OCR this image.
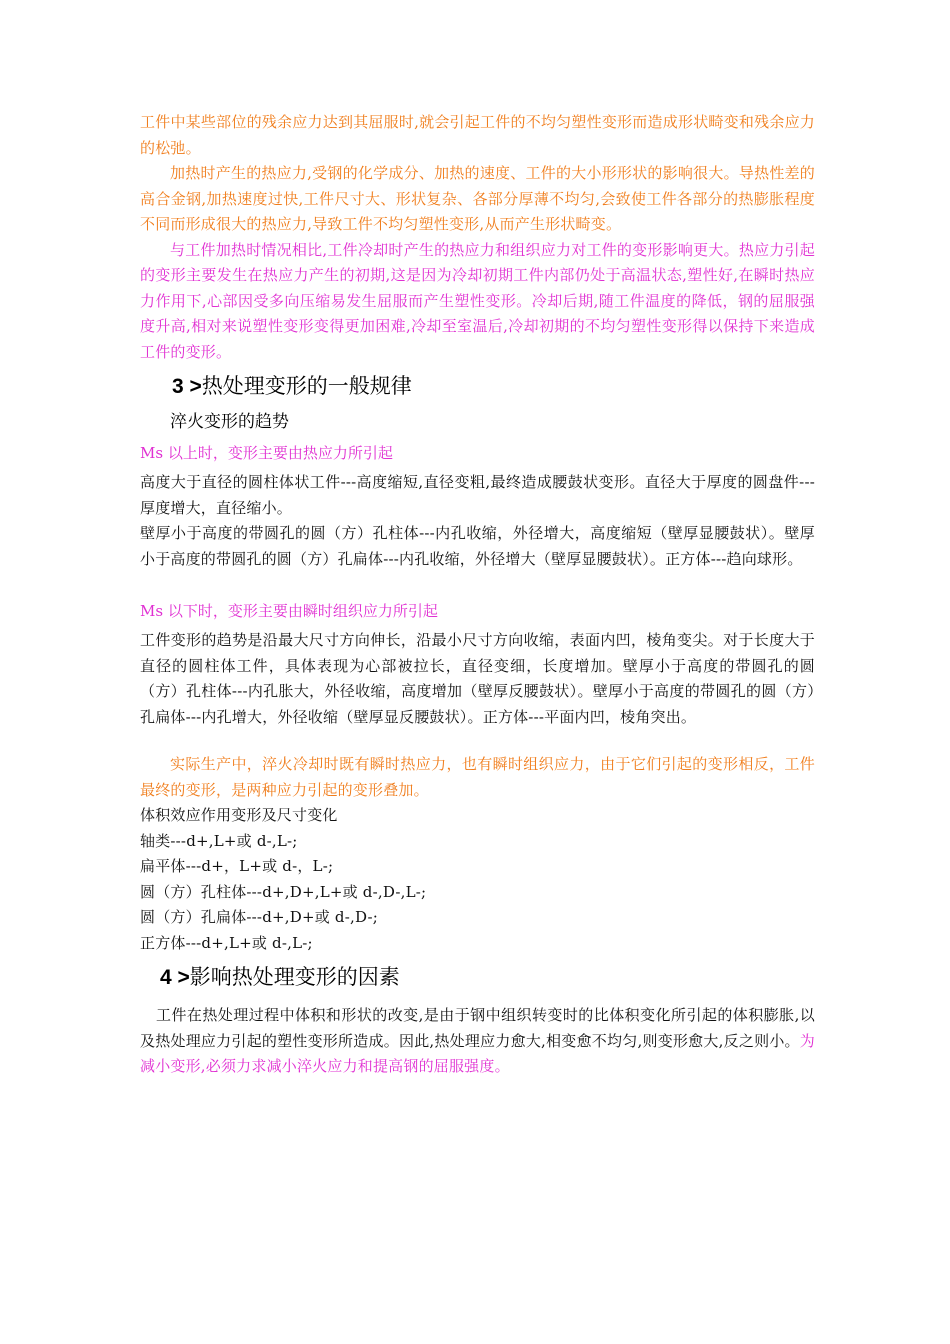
工件中某些部位的残余应力达到其屈服时,就会引起工件的不均匀塑性变形而造成形状畸变和残余应力的松弛。

加热时产生的热应力,受钢的化学成分、加热的速度、工件的大小形形状的影响很大。导热性差的高合金钢,加热速度过快,工件尺寸大、形状复杂、各部分厚薄不均匀,会致使工件各部分的热膨胀程度不同而形成很大的热应力,导致工件不均匀塑性变形,从而产生形状畸变。

与工件加热时情况相比,工件冷却时产生的热应力和组织应力对工件的变形影响更大。热应力引起的变形主要发生在热应力产生的初期,这是因为冷却初期工件内部仍处于高温状态,塑性好,在瞬时热应力作用下,心部因受多向压缩易发生屈服而产生塑性变形。冷却后期,随工件温度的降低，钢的屈服强度升高,相对来说塑性变形变得更加困难,冷却至室温后,冷却初期的不均匀塑性变形得以保持下来造成工件的变形。

3 >热处理变形的一般规律
淬火变形的趋势

Ms 以上时，变形主要由热应力所引起

高度大于直径的圆柱体状工件---高度缩短,直径变粗,最终造成腰鼓状变形。直径大于厚度的圆盘件---厚度增大，直径缩小。

壁厚小于高度的带圆孔的圆（方）孔柱体---内孔收缩，外径增大，高度缩短（壁厚显腰鼓状）。壁厚小于高度的带圆孔的圆（方）孔扁体---内孔收缩，外径增大（壁厚显腰鼓状）。正方体---趋向球形。

Ms 以下时，变形主要由瞬时组织应力所引起

工件变形的趋势是沿最大尺寸方向伸长，沿最小尺寸方向收缩，表面内凹，棱角变尖。对于长度大于直径的圆柱体工件，具体表现为心部被拉长，直径变细，长度增加。壁厚小于高度的带圆孔的圆（方）孔柱体---内孔胀大，外径收缩，高度增加（壁厚反腰鼓状）。壁厚小于高度的带圆孔的圆（方）孔扁体---内孔增大，外径收缩（壁厚显反腰鼓状）。正方体---平面内凹，棱角突出。

实际生产中，淬火冷却时既有瞬时热应力，也有瞬时组织应力，由于它们引起的变形相反，工件最终的变形，是两种应力引起的变形叠加。

体积效应作用变形及尺寸变化

轴类---d+,L+或 d-,L-;

扁平体---d+，L+或 d-，L-;

圆（方）孔柱体---d+,D+,L+或 d-,D-,L-;

圆（方）孔扁体---d+,D+或 d-,D-;

正方体---d+,L+或 d-,L-;

4 >影响热处理变形的因素

工件在热处理过程中体积和形状的改变,是由于钢中组织转变时的比体积变化所引起的体积膨胀,以及热处理应力引起的塑性变形所造成。因此,热处理应力愈大,相变愈不均匀,则变形愈大,反之则小。为减小变形,必须力求减小淬火应力和提高钢的屈服强度。
